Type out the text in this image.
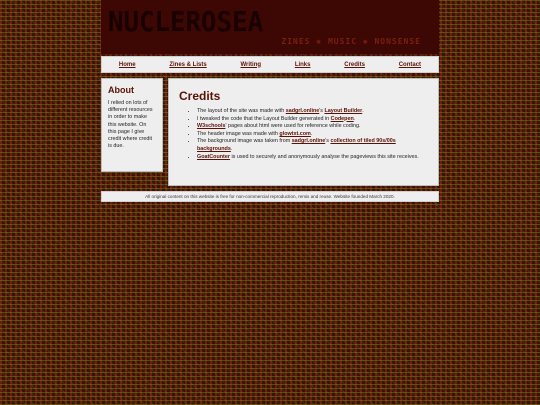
NUCLEROSEA
ZINES ✺ MUSIC ✺ NONSENSE
Home	Zines & Lists	Writing	Links	Credits	Contact
About

I relied on lots of different resources in order to make this website. On this page I give credit where credit is due.

Credits
• The layout of the site was made with sadgrl.online's Layout Builder.
• I tweaked the code that the Layout Builder generated in Codepen.
• W3schools' pages about html were used for reference while coding.
• The header image was made with glowtxt.com.
• The background image was taken from sadgrl.online's collection of tiled 90s/00s backgrounds.
• GoatCounter is used to securely and anonymously analyse the pageviews this site receives.
All original content on this website is free for non-commercial reproduction, remix and reuse. Website founded March 2020.
